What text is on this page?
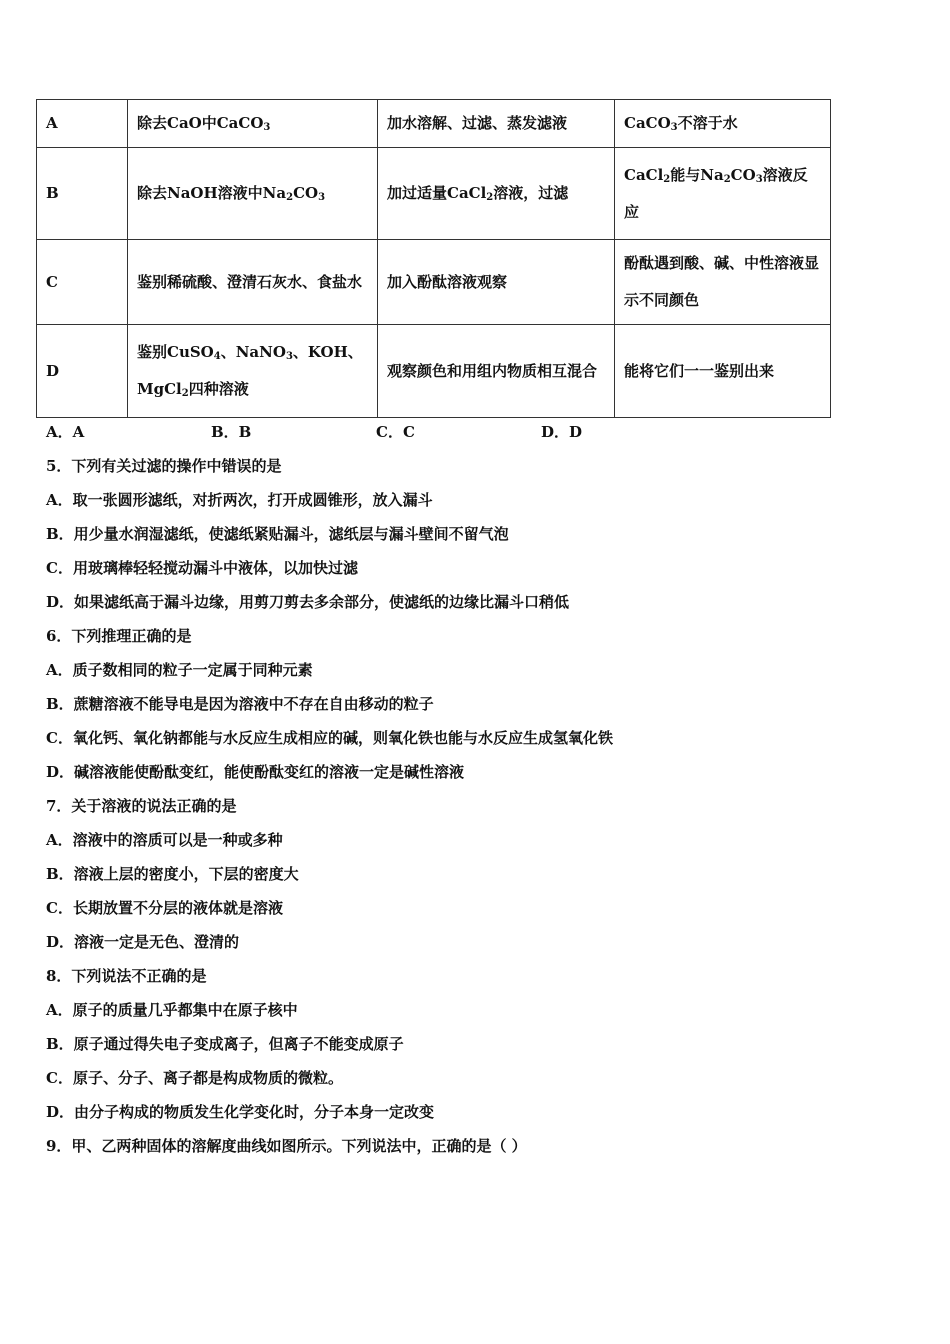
A	除去CaO中CaCO$_3$	加水溶解、过滤、蒸发滤液	CaCO$_3$不溶于水
B	除去NaOH溶液中$Na_2CO_3$	加过适量CaCl$_2$溶液，过滤	CaCl$_2$能与$Na_2CO_3$溶液反应
C	鉴别稀硫酸、澄清石灰水、食盐水	加入酚酞溶液观察	酚酞遇到酸、碱、中性溶液显示不同颜色
D	鉴别CuSO$_4$、NaNO$_3$、KOH、MgCl$_2$四种溶液	观察颜色和用组内物质相互混合	能将它们一一鉴别出来
A．A	B．B	C．C	D．D
5．下列有关过滤的操作中错误的是
A．取一张圆形滤纸，对折两次，打开成圆锥形，放入漏斗
B．用少量水润湿滤纸，使滤纸紧贴漏斗，滤纸层与漏斗壁间不留气泡
C．用玻璃棒轻轻搅动漏斗中液体，以加快过滤
D．如果滤纸高于漏斗边缘，用剪刀剪去多余部分，使滤纸的边缘比漏斗口稍低
6．下列推理正确的是
A．质子数相同的粒子一定属于同种元素
B．蔗糖溶液不能导电是因为溶液中不存在自由移动的粒子
C．氧化钙、氧化钠都能与水反应生成相应的碱，则氧化铁也能与水反应生成氢氧化铁
D．碱溶液能使酚酞变红，能使酚酞变红的溶液一定是碱性溶液
7．关于溶液的说法正确的是
A．溶液中的溶质可以是一种或多种
B．溶液上层的密度小，下层的密度大
C．长期放置不分层的液体就是溶液
D．溶液一定是无色、澄清的
8．下列说法不正确的是
A．原子的质量几乎都集中在原子核中
B．原子通过得失电子变成离子，但离子不能变成原子
C．原子、分子、离子都是构成物质的微粒。
D．由分子构成的物质发生化学变化时，分子本身一定改变
9．甲、乙两种固体的溶解度曲线如图所示。下列说法中，正确的是（ ）
